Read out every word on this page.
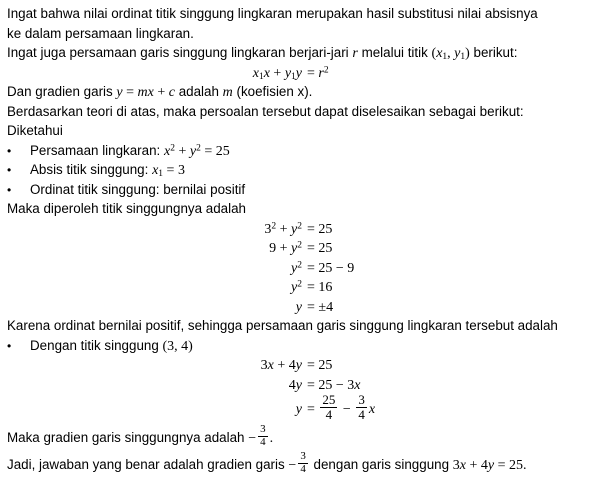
Ingat bahwa nilai ordinat titik singgung lingkaran merupakan hasil substitusi nilai absisnya
ke dalam persamaan lingkaran.
Ingat juga persamaan garis singgung lingkaran berjari-jari r melalui titik ($x_1$, $y_1$) berikut:
$x_1x + y_1y = r^2$
Dan gradien garis y = mx + c adalah m (koefisien x).
Berdasarkan teori di atas, maka persoalan tersebut dapat diselesaikan sebagai berikut:
Diketahui
•	Persamaan lingkaran: $x^2 + y^2 = 25$
•	Absis titik singgung: $x_1 = 3$
•	Ordinat titik singgung: bernilai positif
Maka diperoleh titik singgungnya adalah
$3^2 + y^2 = 25$
$9 + y^2 = 25$
$y^2 = 25 - 9$
$y^2 = 16$
y = ±4
Karena ordinat bernilai positif, sehingga persamaan garis singgung lingkaran tersebut adalah
•	Dengan titik singgung (3, 4)
3x + 4y = 25
4y = 25 − 3x
$y = \frac{25}{4} - \frac{3}{4}$ x
Maka gradien garis singgungnya adalah − $\frac{3}{4}$ .
Jadi, jawaban yang benar adalah gradien garis − $\frac{3}{4}$ dengan garis singgung 3x + 4y = 25.
